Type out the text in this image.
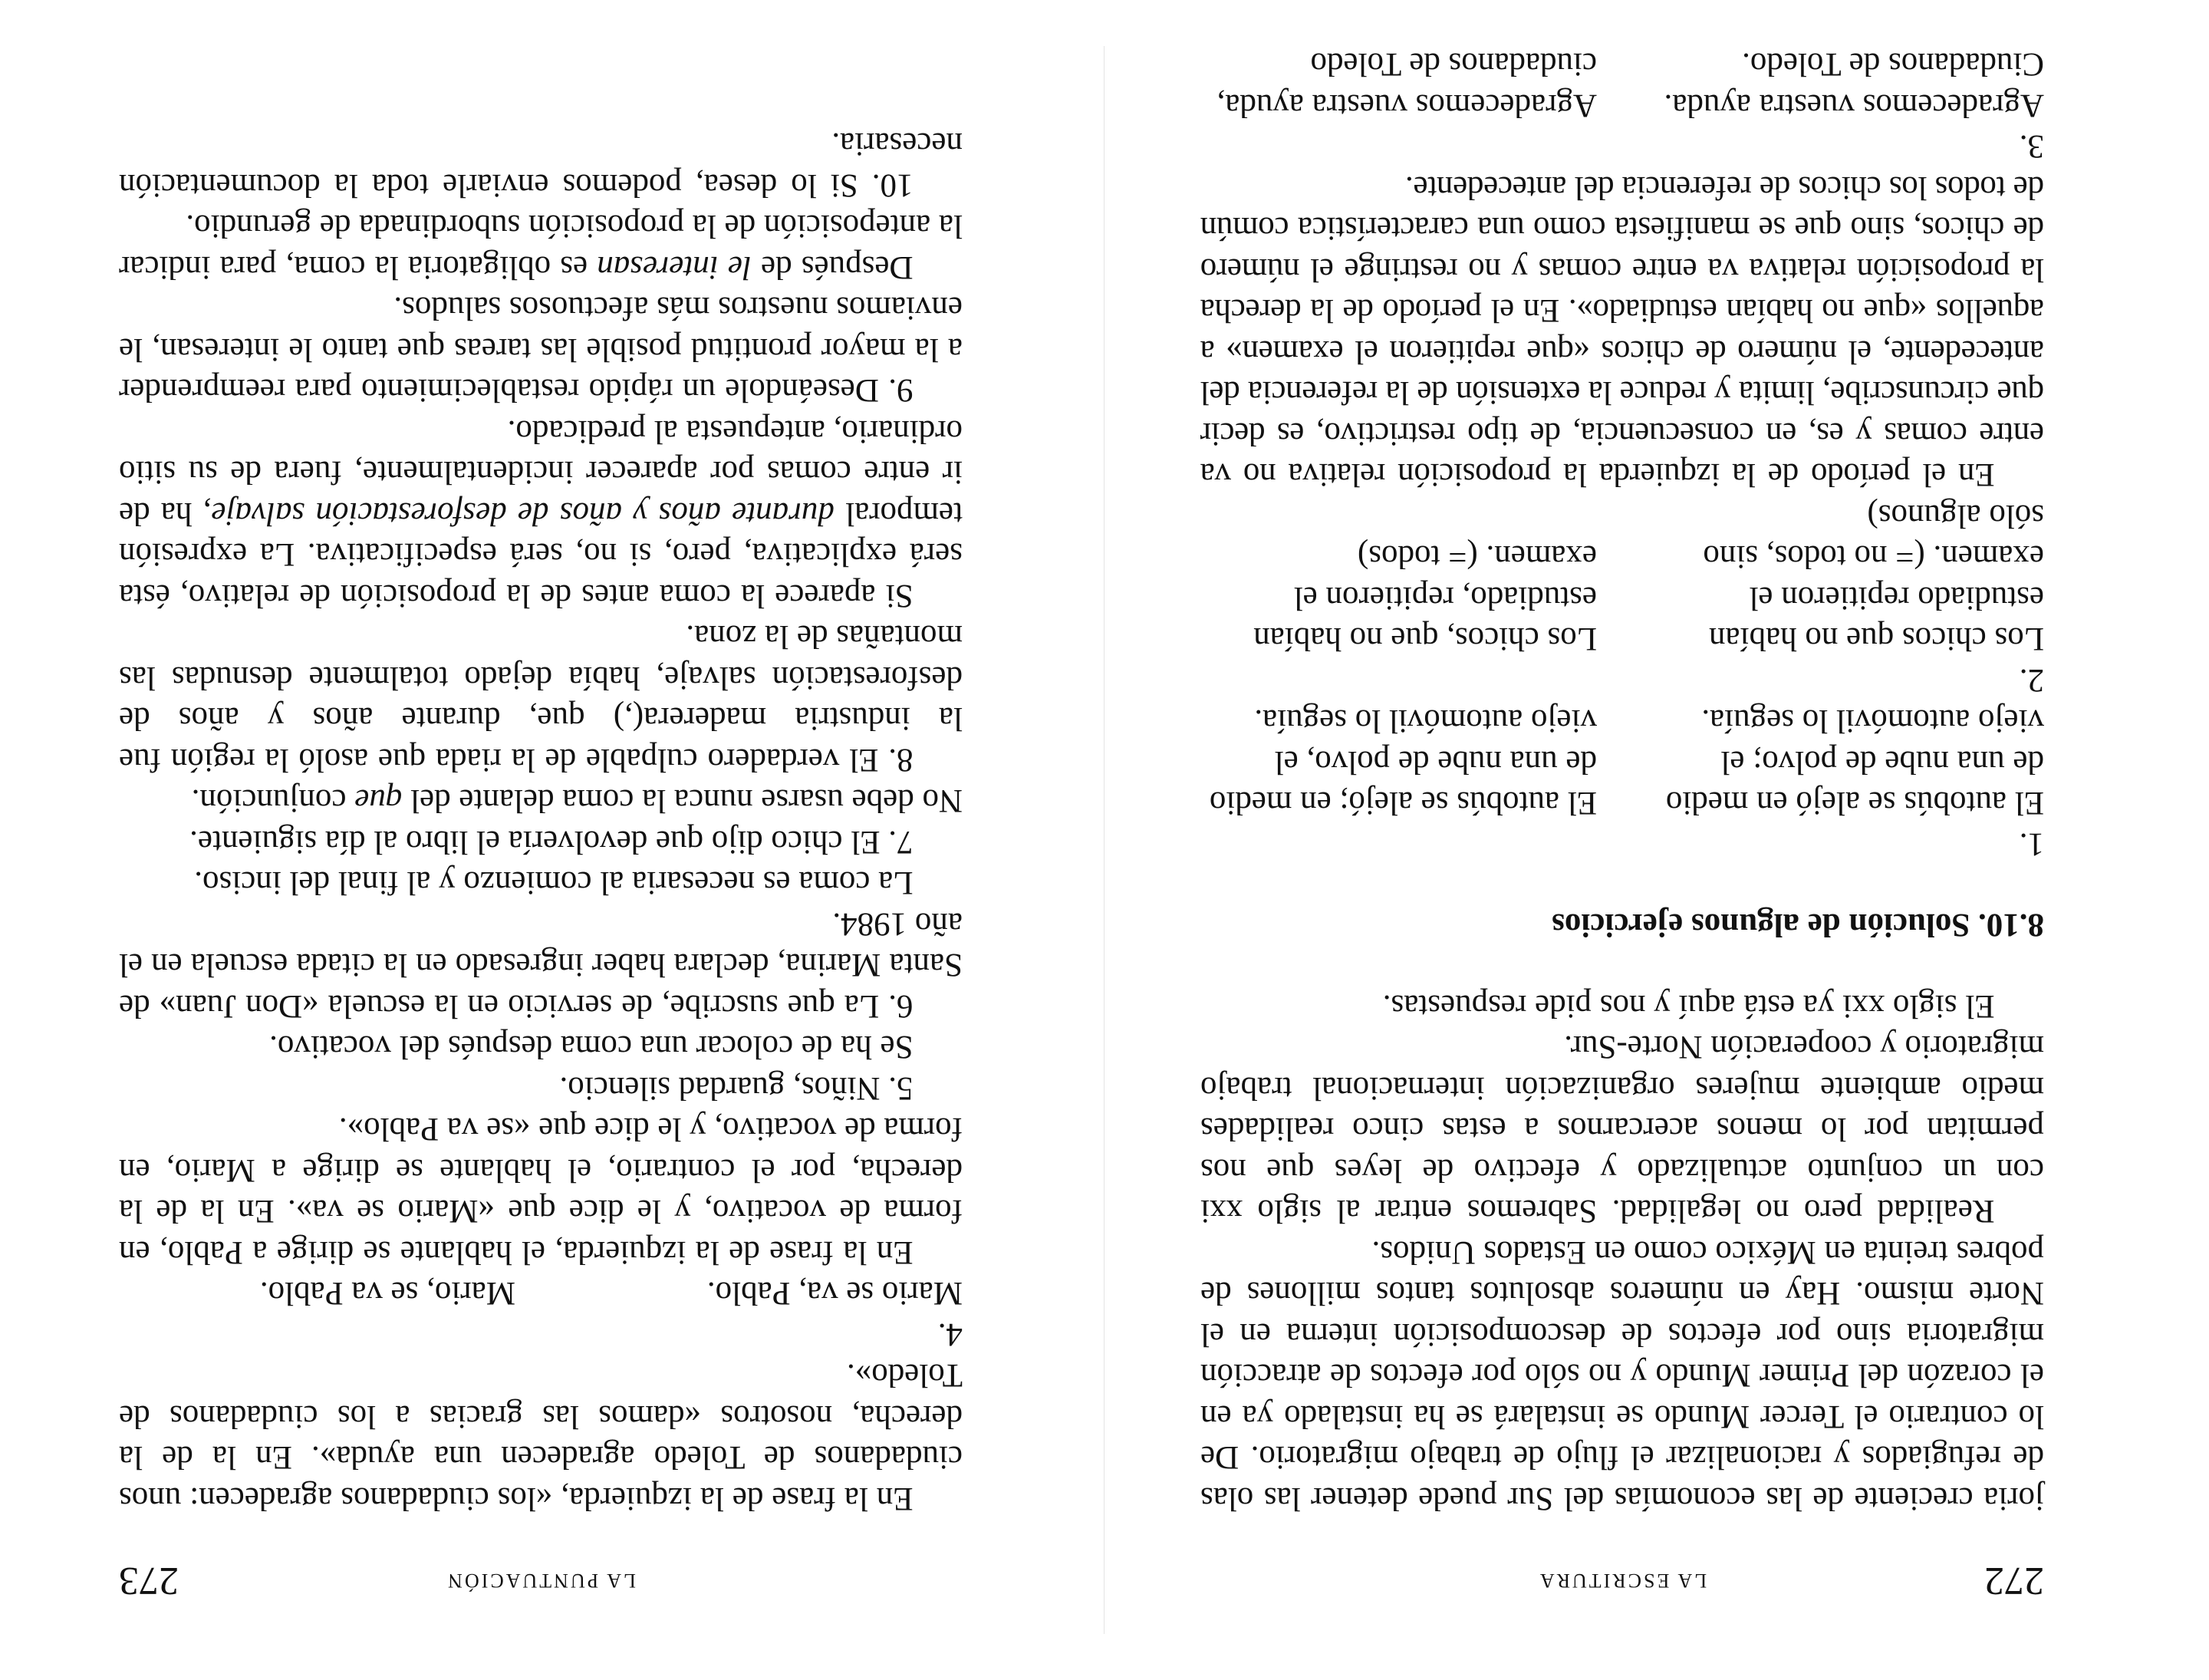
272
LA ESCRITURA

joria creciente de las economías del Sur puede detener las olas de refugiados y racionalizar el flujo de trabajo migratorio. De lo contrario el Tercer Mundo se instalará se ha instalado ya en el corazón del Primer Mundo y no sólo por efectos de atracción migratoria sino por efectos de descomposición interna en el Norte mismo. Hay en números absolutos tantos millones de pobres treinta en México como en Estados Unidos.

Realidad pero no legalidad. Sabremos entrar al siglo xxi con un conjunto actualizado y efectivo de leyes que nos permitan por lo menos acercarnos a estas cinco realidades medio ambiente mujeres organización internacional trabajo migratorio y cooperación Norte-Sur.

El siglo xxi ya está aquí y nos pide respuestas.

8.10. Solución de algunos ejercicios

1.

El autobús se alejó en medio de una nube de polvo; el viejo automóvil lo seguía.

El autobús se alejó; en medio de una nube de polvo, el viejo automóvil lo seguía.

2.

Los chicos que no habían estudiado repitieron el examen. (= no todos, sino sólo algunos)

Los chicos, que no habían estudiado, repitieron el examen. (= todos)

En el período de la izquierda la proposición relativa no va entre comas y es, en consecuencia, de tipo restrictivo, es decir que circunscribe, limita y reduce la extensión de la referencia del antecedente, el número de chicos «que repitieron el examen» a aquellos «que no habían estudiado». En el período de la derecha la proposición relativa va entre comas y no restringe el número de chicos, sino que se manifiesta como una característica común de todos los chicos de referencia del antecedente.

3.

Agradecemos vuestra ayuda. Ciudadanos de Toledo.

Agradecemos vuestra ayuda, ciudadanos de Toledo

LA PUNTUACIÓN
273

En la frase de la izquierda, «los ciudadanos agradecen: unos ciudadanos de Toledo agradecen una ayuda». En la de la derecha, nosotros «damos las gracias a los ciudadanos de Toledo».

4.

Mario se va, Pablo.

Mario, se va Pablo.

En la frase de la izquierda, el hablante se dirige a Pablo, en forma de vocativo, y le dice que «Mario se va». En la de la derecha, por el contrario, el hablante se dirige a Mario, en forma de vocativo, y le dice que «se va Pablo».

5. Niños, guardad silencio.

Se ha de colocar una coma después del vocativo.

6. La que suscribe, de servicio en la escuela «Don Juan» de Santa Marina, declara haber ingresado en la citada escuela en el año 1984.

La coma es necesaria al comienzo y al final del inciso.

7. El chico dijo que devolvería el libro al día siguiente.

No debe usarse nunca la coma delante del que conjunción.

8. El verdadero culpable de la riada que asoló la región fue la industria maderera(,) que, durante años y años de desforestación salvaje, había dejado totalmente desnudas las montañas de la zona.

Si aparece la coma antes de la proposición de relativo, ésta será explicativa, pero, si no, será especificativa. La expresión temporal durante años y años de desforestación salvaje, ha de ir entre comas por aparecer incidentalmente, fuera de su sitio ordinario, antepuesta al predicado.

9. Deseándole un rápido restablecimiento para reemprender a la mayor prontitud posible las tareas que tanto le interesan, le enviamos nuestros más afectuosos saludos.

Después de le interesan es obligatoria la coma, para indicar la anteposición de la proposición subordinada de gerundio.

10. Si lo desea, podemos enviarle toda la documentación necesaria.
